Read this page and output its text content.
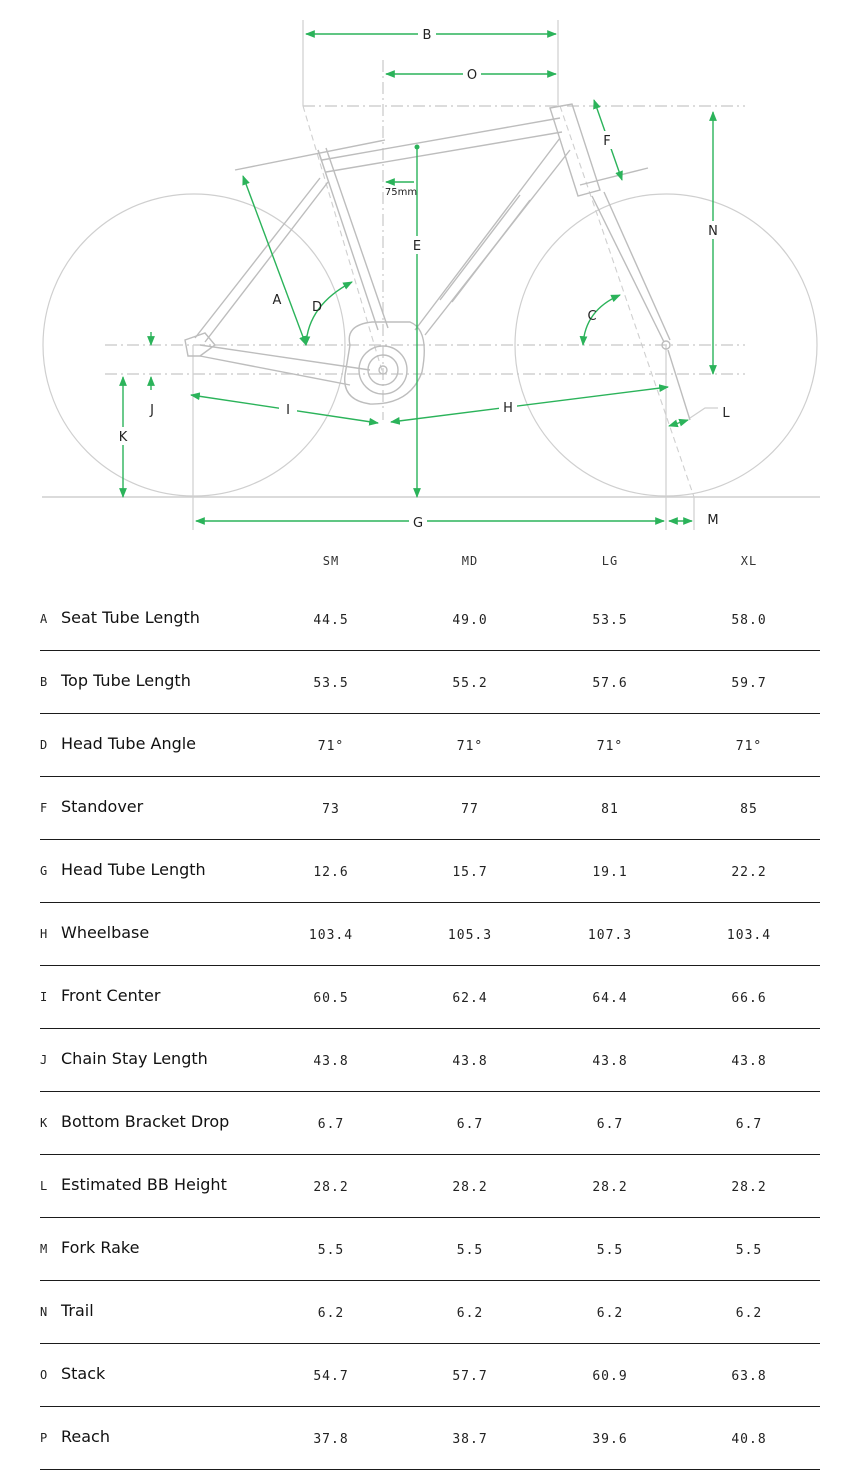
B
O
A D
E
75mm
F
N
C
I	H
J
K
G
L
M
SM	MD	LG	XL
A Seat Tube Length	44.5	49.0	53.5	58.0
B Top Tube Length	53.5	55.2	57.6	59.7
D Head Tube Angle	71°	71°	71°	71°
F Standover	73	77	81	85
G Head Tube Length	12.6	15.7	19.1	22.2
H Wheelbase	103.4	105.3	107.3	103.4
I Front Center	60.5	62.4	64.4	66.6
J Chain Stay Length	43.8	43.8	43.8	43.8
K Bottom Bracket Drop	6.7	6.7	6.7	6.7
L Estimated BB Height	28.2	28.2	28.2	28.2
M Fork Rake	5.5	5.5	5.5	5.5
N Trail	6.2	6.2	6.2	6.2
O Stack	54.7	57.7	60.9	63.8
P Reach	37.8	38.7	39.6	40.8
